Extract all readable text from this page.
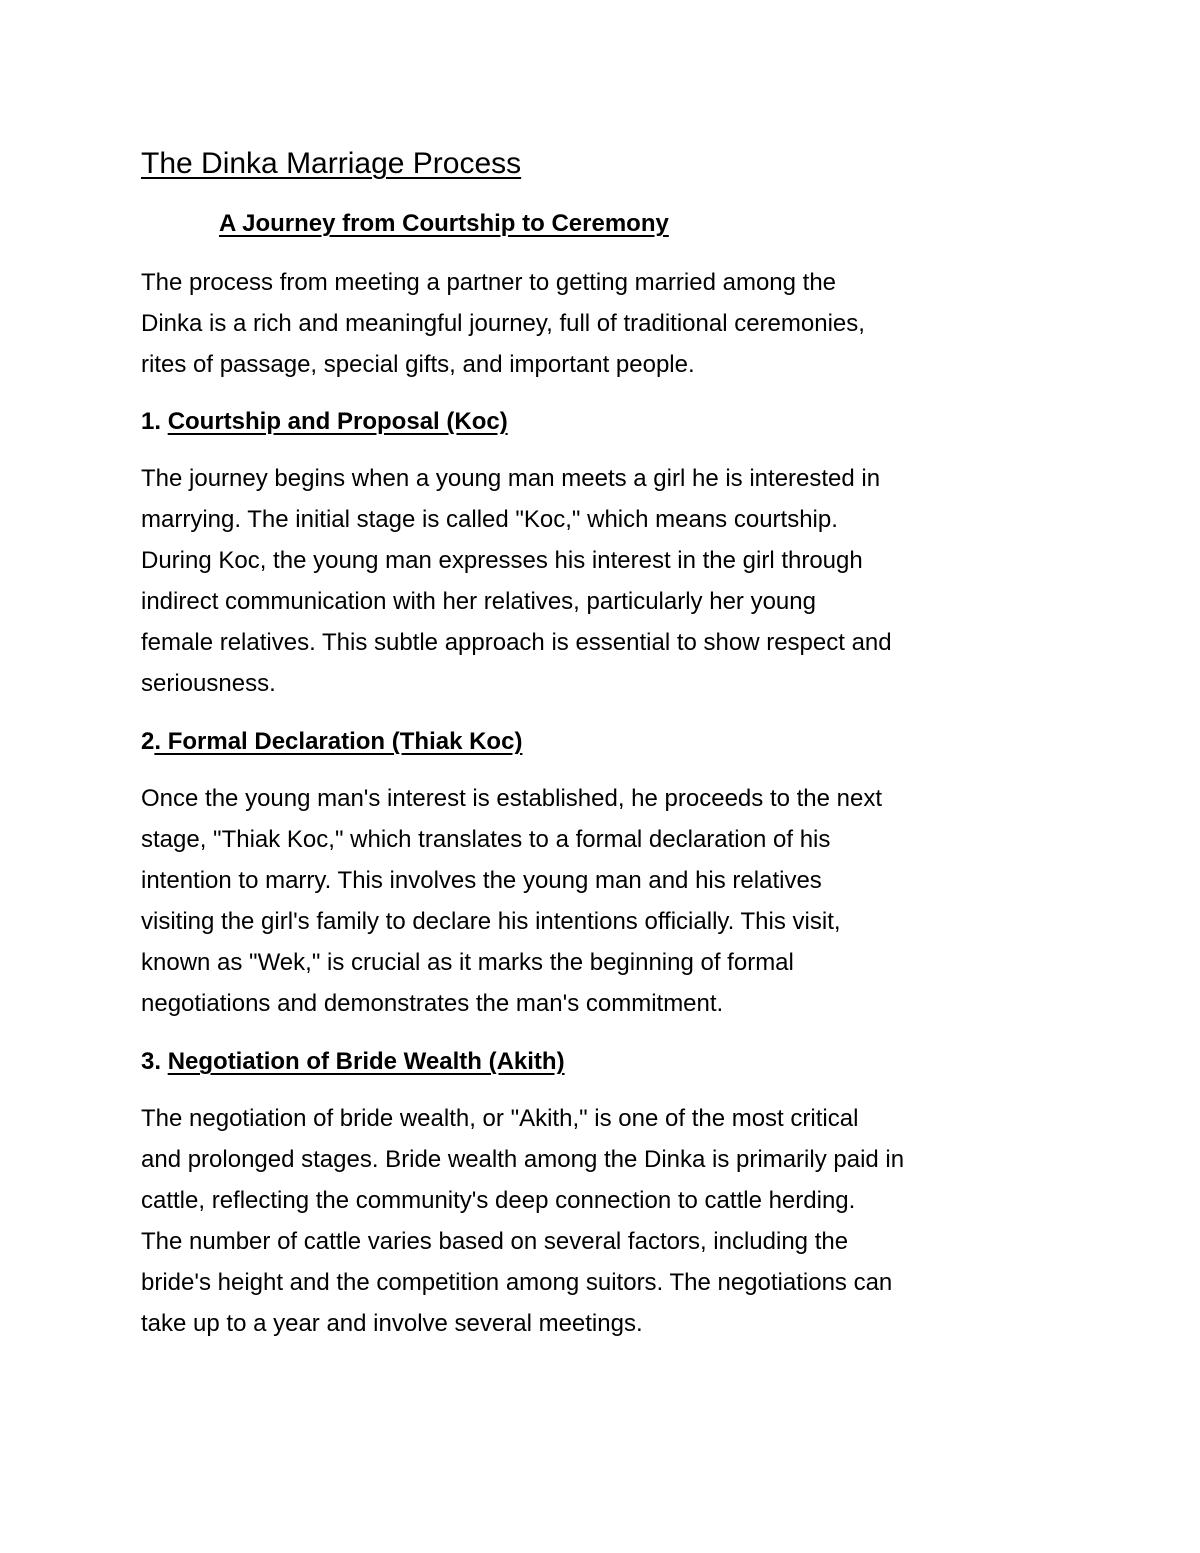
The Dinka Marriage Process
A Journey from Courtship to Ceremony

The process from meeting a partner to getting married among the
Dinka is a rich and meaningful journey, full of traditional ceremonies,
rites of passage, special gifts, and important people.

1. Courtship and Proposal (Koc)

The journey begins when a young man meets a girl he is interested in
marrying. The initial stage is called "Koc," which means courtship.
During Koc, the young man expresses his interest in the girl through
indirect communication with her relatives, particularly her young
female relatives. This subtle approach is essential to show respect and
seriousness.

2. Formal Declaration (Thiak Koc)

Once the young man's interest is established, he proceeds to the next
stage, "Thiak Koc," which translates to a formal declaration of his
intention to marry. This involves the young man and his relatives
visiting the girl's family to declare his intentions officially. This visit,
known as "Wek," is crucial as it marks the beginning of formal
negotiations and demonstrates the man's commitment.

3. Negotiation of Bride Wealth (Akith)

The negotiation of bride wealth, or "Akith," is one of the most critical
and prolonged stages. Bride wealth among the Dinka is primarily paid in
cattle, reflecting the community's deep connection to cattle herding.
The number of cattle varies based on several factors, including the
bride's height and the competition among suitors. The negotiations can
take up to a year and involve several meetings.
